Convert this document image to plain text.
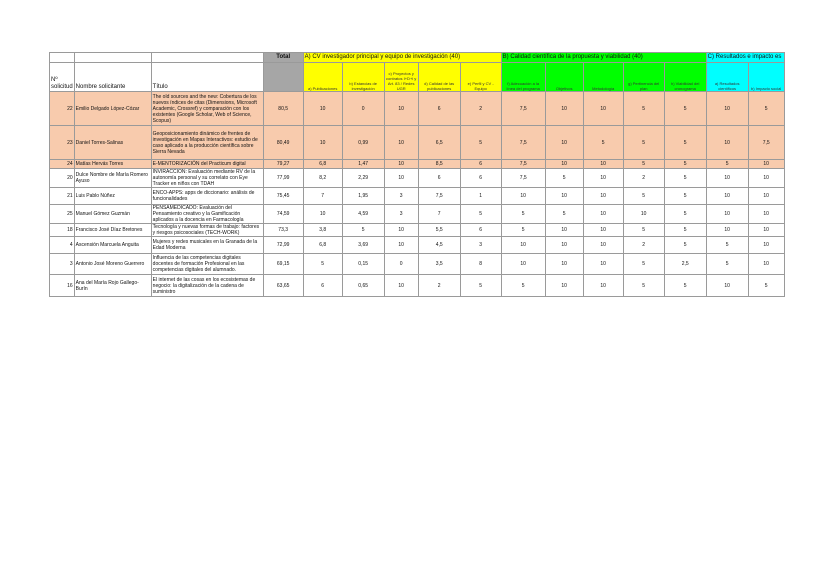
			Total	A) CV investigador principal y equipo de investigación (40)					B) Calidad científica de la propuesta y viabilidad (40)					C) Resultados e impacto es	
Nº solicitud	Nombre solicitante	Título		a) Publicaciones	b) Estancias de investigación	c) Proyectos y contratos I+D+i y Art. 83 / Redes UGR	d) Calidad de las publicaciones	e) Perfil y CV - Equipo	f) Adecuación a la línea del programa	Objetivos	Metodología	g) Pertinencia del plan	h) Viabilidad del cronograma	a) Resultados científicos	b) Impacto social
22	Emilio Delgado López-Cózar	The old sources and the new: Cobertura de los nuevos índices de citas (Dimensions, Microsoft Academic, Crossref) y comparación con los existentes (Google Scholar, Web of Science, Scopus)	80,5	10	0	10	6	2	7,5	10	10	5	5	10	5
23	Daniel Torres-Salinas	Geoposicionamiento dinámico de frentes de investigación en Mapas Interactivos: estudio de caso aplicado a la producción científica sobre Sierra Nevada	80,49	10	0,99	10	6,5	5	7,5	10	5	5	5	10	7,5
24	Matías Hervás Torres	E-MENTORIZACIÓN del Practicum digital	79,27	6,8	1,47	10	8,5	6	7,5	10	10	5	5	5	10
20	Dulce Nombre de María Romero Ayuso	INVIRACCION: Evaluación mediante RV de la autonomía personal y su correlato con Eye Tracker en niños con TDAH	77,99	8,2	2,29	10	6	6	7,5	5	10	2	5	10	10
21	Luis Pablo Núñez	ENCO-APPS: apps de diccionario: análisis de funcionalidades	75,45	7	1,95	3	7,5	1	10	10	10	5	5	10	10
25	Manuel Gómez Guzmán	PENSAMEDICADO: Evaluación del Pensamiento creativo y la Gamificación aplicados a la docencia en Farmacología	74,59	10	4,59	3	7	5	5	5	10	10	5	10	10
18	Francisco José Díaz Bretones	Tecnología y nuevas formas de trabajo: factores y riesgos psicosociales (TECH-WORK)	73,3	3,8	5	10	5,5	6	5	10	10	5	5	10	10
4	Ascensión Marcuela Anguita	Mujeres y redes musicales en la Granada de la Edad Moderna	72,99	6,8	3,69	10	4,5	3	10	10	10	2	5	5	10
3	Antonio José Moreno Guerrero	Influencia de las competencias digitales docentes de formación Profesional en las competencias digitales del alumnado.	69,15	5	0,15	0	3,5	8	10	10	10	5	2,5	5	10
16	Ana del María Rojo Gallego-Burín	El internet de las cosas en los ecosistemas de negocio: la digitalización de la cadena de suministro	63,65	6	0,65	10	2	5	5	10	10	5	5	10	5
